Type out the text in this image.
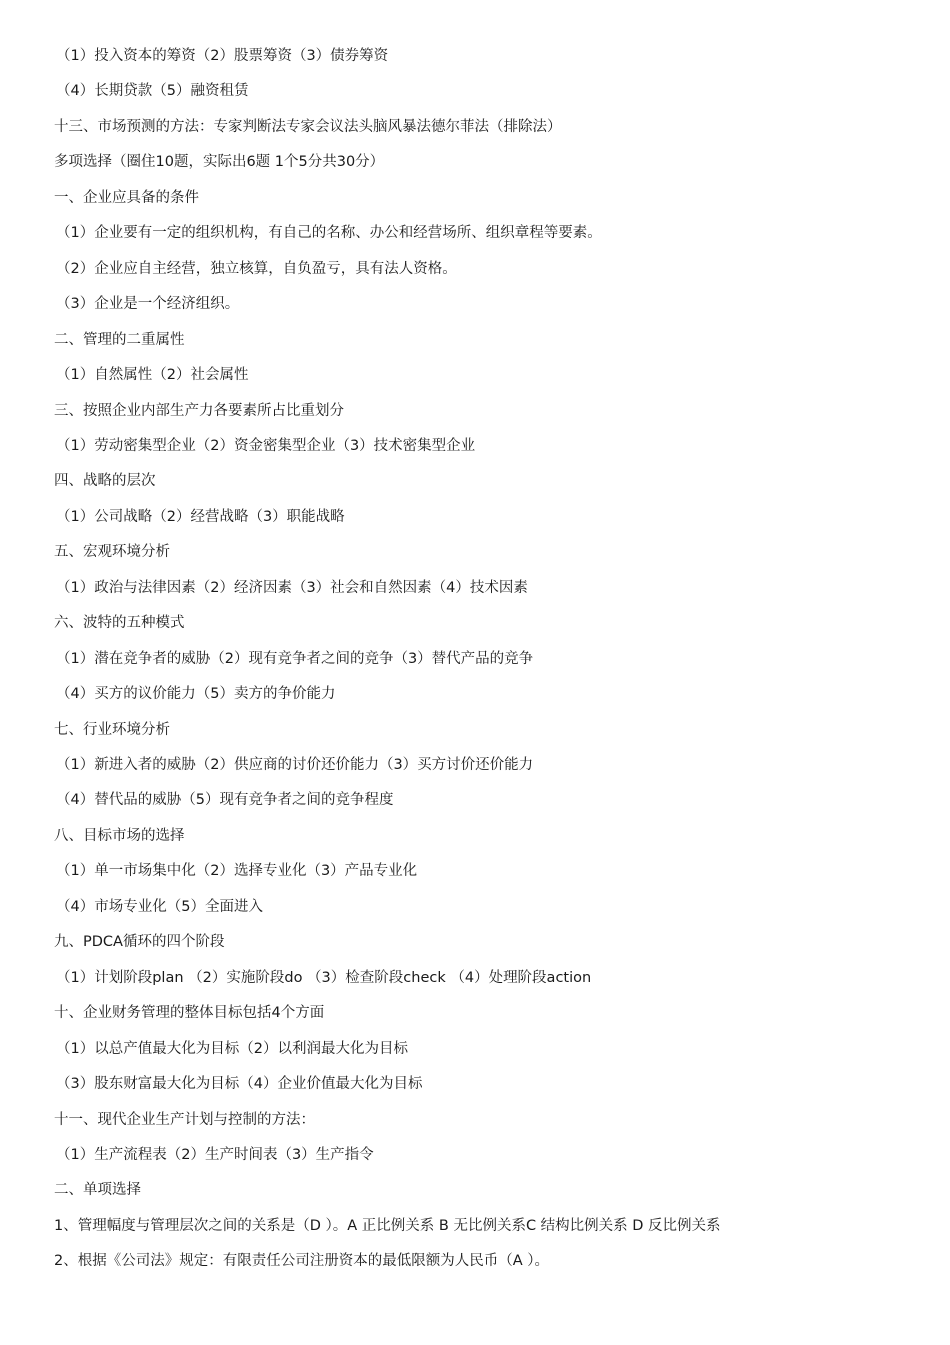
（1）投入资本的筹资（2）股票筹资（3）债券筹资
（4）长期贷款（5）融资租赁
十三、市场预测的方法：专家判断法专家会议法头脑风暴法德尔菲法（排除法）
多项选择（圈住10题，实际出6题 1个5分共30分）
一、企业应具备的条件
（1）企业要有一定的组织机构，有自己的名称、办公和经营场所、组织章程等要素。
（2）企业应自主经营，独立核算，自负盈亏，具有法人资格。
（3）企业是一个经济组织。
二、管理的二重属性
（1）自然属性（2）社会属性
三、按照企业内部生产力各要素所占比重划分
（1）劳动密集型企业（2）资金密集型企业（3）技术密集型企业
四、战略的层次
（1）公司战略（2）经营战略（3）职能战略
五、宏观环境分析
（1）政治与法律因素（2）经济因素（3）社会和自然因素（4）技术因素
六、波特的五种模式
（1）潜在竞争者的威胁（2）现有竞争者之间的竞争（3）替代产品的竞争
（4）买方的议价能力（5）卖方的争价能力
七、行业环境分析
（1）新进入者的威胁（2）供应商的讨价还价能力（3）买方讨价还价能力
（4）替代品的威胁（5）现有竞争者之间的竞争程度
八、目标市场的选择
（1）单一市场集中化（2）选择专业化（3）产品专业化
（4）市场专业化（5）全面进入
九、PDCA循环的四个阶段
（1）计划阶段plan （2）实施阶段do （3）检查阶段check （4）处理阶段action
十、企业财务管理的整体目标包括4个方面
（1）以总产值最大化为目标（2）以利润最大化为目标
（3）股东财富最大化为目标（4）企业价值最大化为目标
十一、现代企业生产计划与控制的方法：
（1）生产流程表（2）生产时间表（3）生产指令
二、单项选择
1、管理幅度与管理层次之间的关系是（D ）。A 正比例关系 B 无比例关系C 结构比例关系 D 反比例关系
2、根据《公司法》规定：有限责任公司注册资本的最低限额为人民币（A ）。
